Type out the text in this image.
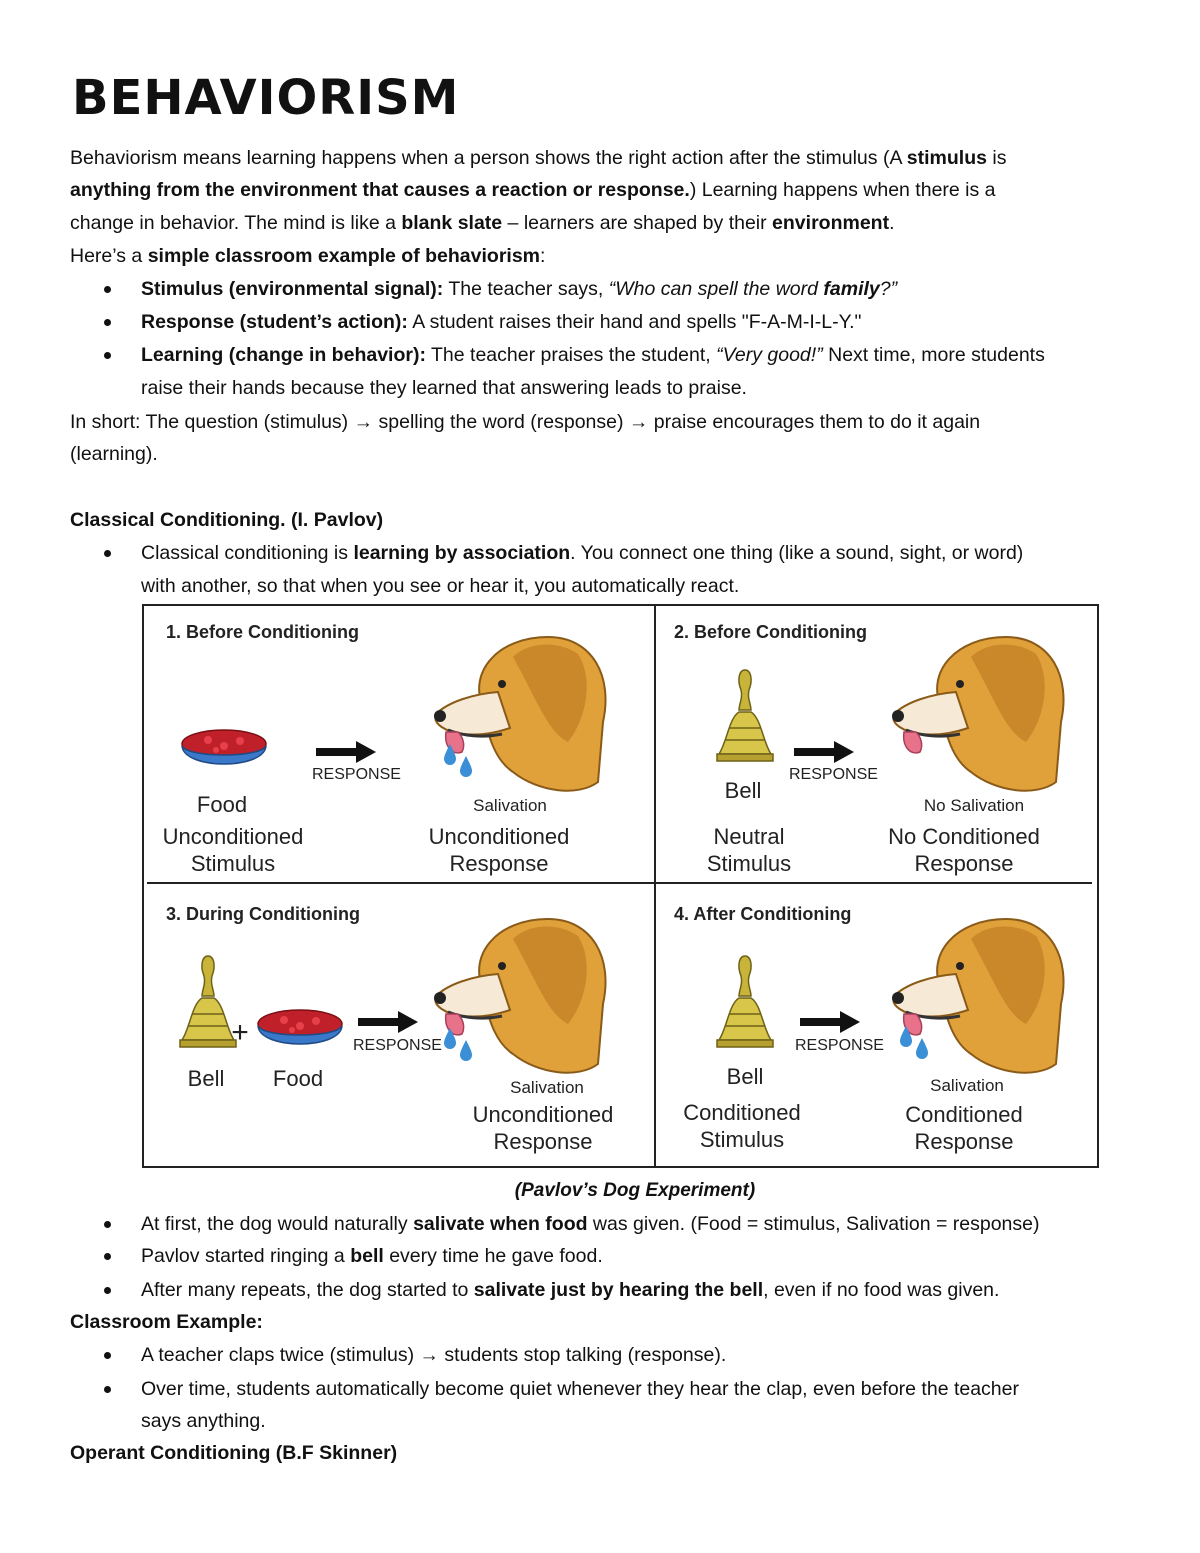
BEHAVIORISM
Behaviorism means learning happens when a person shows the right action after the stimulus (A stimulus is
anything from the environment that causes a reaction or response.) Learning happens when there is a
change in behavior. The mind is like a blank slate – learners are shaped by their environment.
Here’s a simple classroom example of behaviorism:
Stimulus (environmental signal): The teacher says, “Who can spell the word family?”
Response (student’s action): A student raises their hand and spells "F-A-M-I-L-Y."
Learning (change in behavior): The teacher praises the student, “Very good!” Next time, more students
raise their hands because they learned that answering leads to praise.
In short: The question (stimulus) → spelling the word (response) → praise encourages them to do it again
(learning).
Classical Conditioning. (I. Pavlov)
Classical conditioning is learning by association. You connect one thing (like a sound, sight, or word)
with another, so that when you see or hear it, you automatically react.
1. Before Conditioning
RESPONSE
Food
Unconditioned
Stimulus
Salivation
Unconditioned
Response
2. Before Conditioning
RESPONSE
Bell
Neutral
Stimulus
No Salivation
No Conditioned
Response
3. During Conditioning
+	RESPONSE
Bell Food	Salivation
Unconditioned
Response
4. After Conditioning
RESPONSE
Bell
Conditioned
Stimulus
Salivation
Conditioned
Response
(Pavlov’s Dog Experiment)
At first, the dog would naturally salivate when food was given. (Food = stimulus, Salivation = response)
Pavlov started ringing a bell every time he gave food.
After many repeats, the dog started to salivate just by hearing the bell, even if no food was given.
Classroom Example:
A teacher claps twice (stimulus) → students stop talking (response).
Over time, students automatically become quiet whenever they hear the clap, even before the teacher
says anything.
Operant Conditioning (B.F Skinner)
